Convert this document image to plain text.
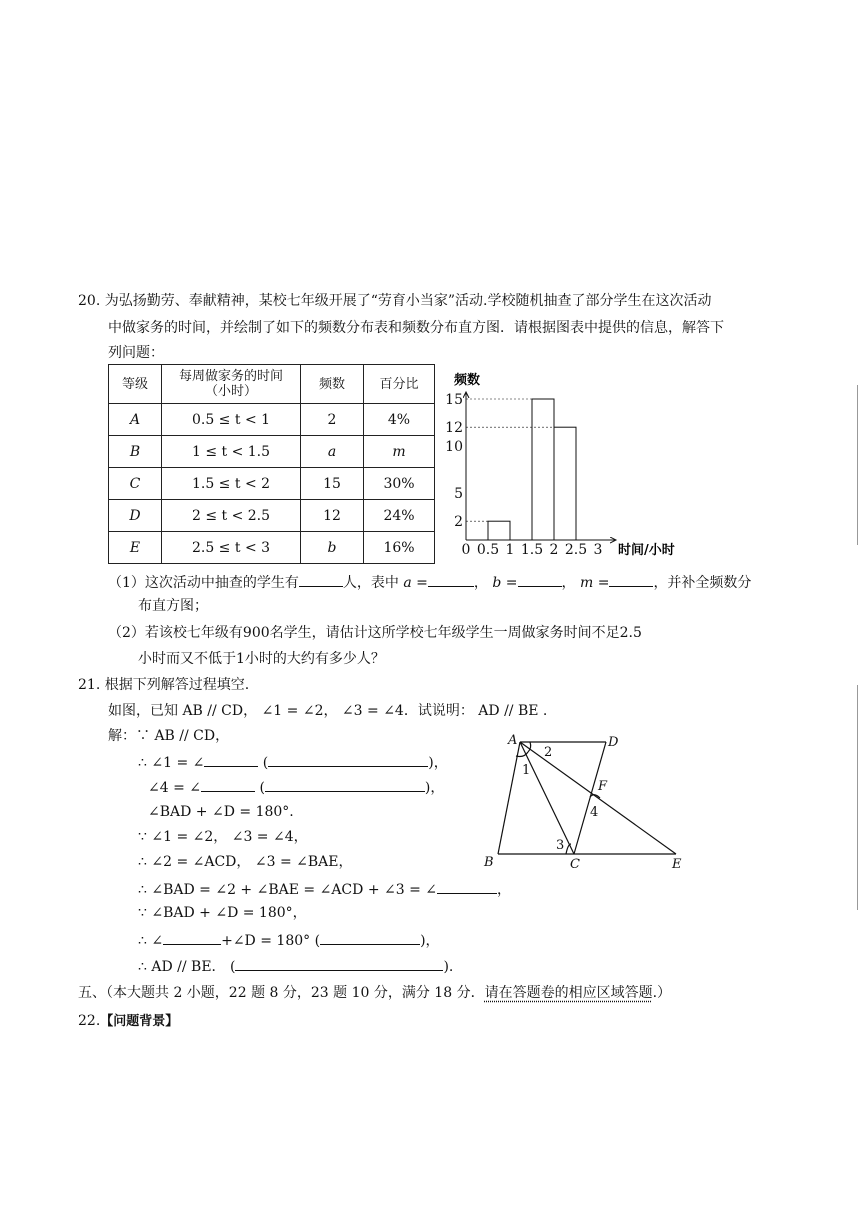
20. 为弘扬勤劳、奉献精神，某校七年级开展了“劳育小当家”活动.学校随机抽查了部分学生在这次活动
中做家务的时间，并绘制了如下的频数分布表和频数分布直方图．请根据图表中提供的信息，解答下
列问题：
等级	每周做家务的时间
（小时）	频数	百分比
A	0.5 ≤ t < 1	2	4%
B	1 ≤ t < 1.5	a	m
C	1.5 ≤ t < 2	15	30%
D	2 ≤ t < 2.5	12	24%
E	2.5 ≤ t < 3	b	16%
频数
时间/小时
0 0.5 1 1.5 2 2.5 3
2
5
10
12
15
（1）这次活动中抽查的学生有	人，表中 a =	， b =	， m =	，并补全频数分
布直方图；
（2）若该校七年级有900名学生，请估计这所学校七年级学生一周做家务时间不足2.5
小时而又不低于1小时的大约有多少人？
21. 根据下列解答过程填空.
如图，已知 AB // CD， ∠1 = ∠2， ∠3 = ∠4．试说明： AD // BE .
解：∵ AB // CD，
∴ ∠1 = ∠	(	)，
∠4 = ∠	(	)，
∠BAD + ∠D = 180°.
∵ ∠1 = ∠2， ∠3 = ∠4，
∴ ∠2 = ∠ACD， ∠3 = ∠BAE，
∴ ∠BAD = ∠2 + ∠BAE = ∠ACD + ∠3 = ∠	，
∵ ∠BAD + ∠D = 180°，
∴ ∠	+∠D = 180° (	)，
∴ AD // BE． (	).
A	D
F
B	C	E
1
2
3
4
五、（本大题共 2 小题，22 题 8 分，23 题 10 分，满分 18 分．请在答题卷的相应区域答题.）
22.【问题背景】
